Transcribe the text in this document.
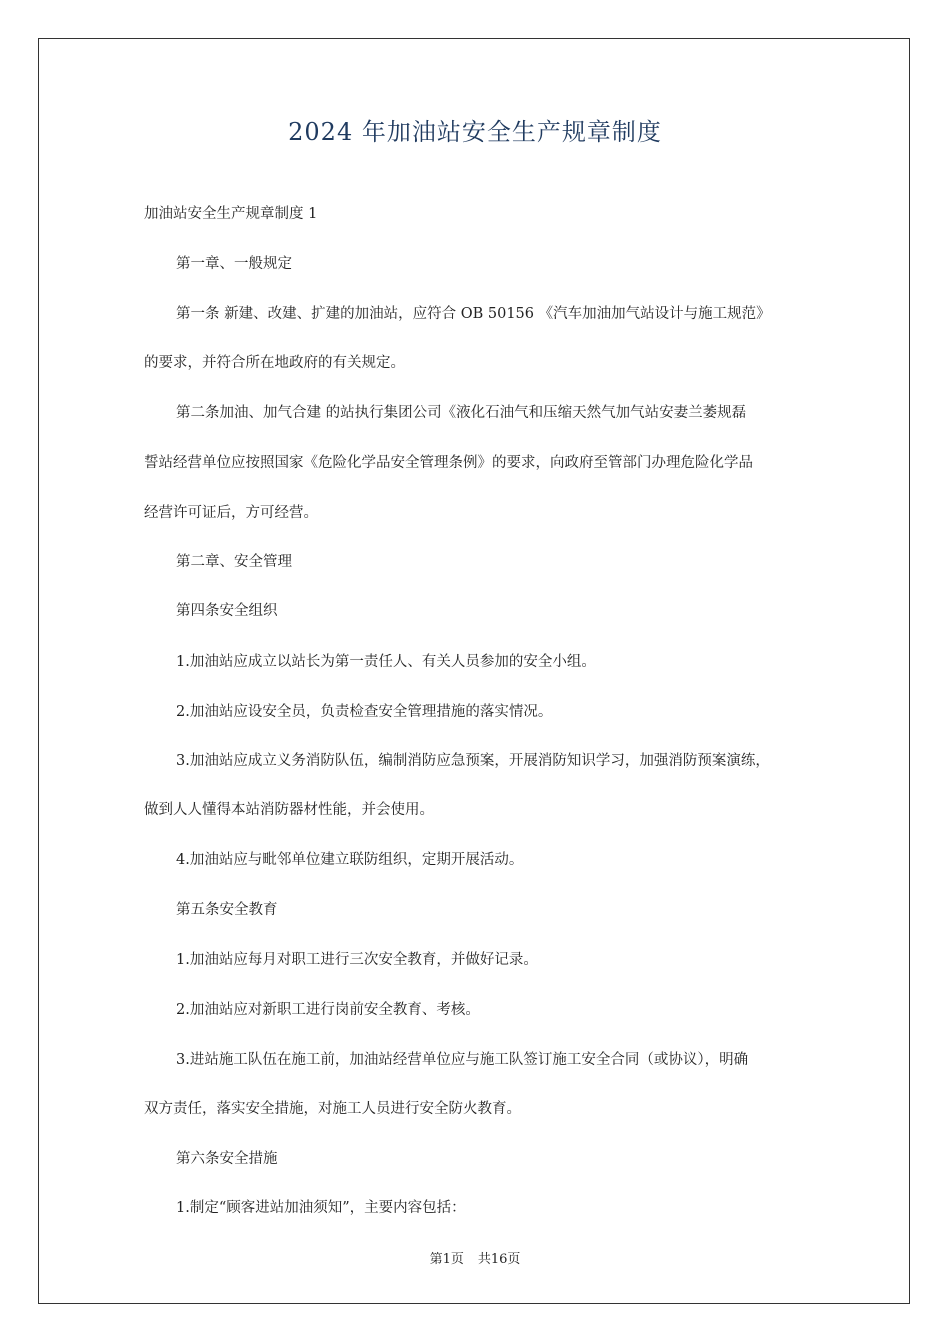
2024 年加油站安全生产规章制度
加油站安全生产规章制度 1
第一章、一般规定
第一条 新建、改建、扩建的加油站，应符合 OB 50156 《汽车加油加气站设计与施工规范》
的要求，并符合所在地政府的有关规定。
第二条加油、加气合建 的站执行集团公司《液化石油气和压缩天然气加气站安妻兰萎规磊
誓站经营单位应按照国家《危险化学品安全管理条例》的要求，向政府至管部门办理危险化学品
经营许可证后，方可经营。
第二章、安全管理
第四条安全组织
1.加油站应成立以站长为第一责任人、有关人员参加的安全小组。
2.加油站应设安全员，负责检查安全管理措施的落实情况。
3.加油站应成立义务消防队伍，编制消防应急预案，开展消防知识学习，加强消防预案演练，
做到人人懂得本站消防器材性能，并会使用。
4.加油站应与毗邻单位建立联防组织，定期开展活动。
第五条安全教育
1.加油站应每月对职工进行三次安全教育，并做好记录。
2.加油站应对新职工进行岗前安全教育、考核。
3.进站施工队伍在施工前，加油站经营单位应与施工队签订施工安全合同（或协议），明确
双方责任，落实安全措施，对施工人员进行安全防火教育。
第六条安全措施
1.制定“顾客进站加油须知”，主要内容包括：
第1页 共16页
